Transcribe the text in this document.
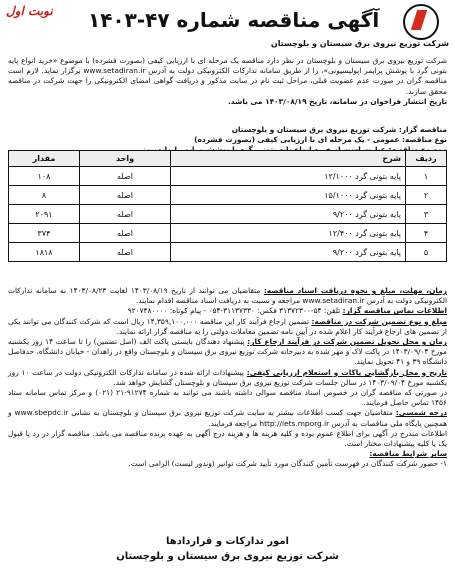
شرکت توزیع نیروی برق سیستان و بلوچستان
آگهی مناقصه شماره ۴۷-۱۴۰۳
نوبت اول
شرکت توزیع نیروی برق سیستان و بلوچستان در نظر دارد مناقصه یک مرحله ای با ارزیابی کیفی (بصورت فشرده) با موضوع «خرید انواع پایه بتونی گرد با پوشش پرایمر اپولیسیونی»، را از طریق سامانه تدارکات الکترونیکی دولت به آدرس www.setadiran.ir برگزار نماید. لازم است مناقصه گران در صورت عدم عضویت قبلی، مراحل ثبت نام در سایت مذکور و دریافت گواهی امضای الکترونیکی را جهت شرکت در مناقصه محقق سازند.
تاریخ انتشار فراخوان در سامانه، تاریخ ۱۴۰۳/۰۸/۱۹ می باشد.
مناقصه گزار: شرکت توزیع نیروی برق سیستان و بلوچستان
نوع مناقصه: عمومی - یک مرحله ای با ارزیابی کیفی (بصورت فشرده)
ردیف	شرح	واحد	مقدار
۱	پایه بتونی گرد ۱۲/۱۰۰۰	اصله	۱۰۸
۲	پایه بتونی گرد ۱۵/۱۰۰۰	اصله	۸
۳	پایه بتونی گرد ۹/۲۰۰	اصله	۲۰۹۱
۴	پایه بتونی گرد ۱۲/۴۰۰	اصله	۳۷۴
۵	پایه بتونی گرد ۹/۲۰۰	اصله	۱۸۱۸
زمان، مهلت، مبلغ و نحوه دریافت اسناد مناقصه: متقاضیان می توانند از تاریخ ۱۴۰۳/۰۸/۱۹ لغایت ۱۴۰۳/۰۸/۲۳ به سامانه تدارکات الکترونیکی دولت به آدرس www.setadiran.ir مراجعه و نسبت به دریافت اسناد مناقصه اقدام نمایند.
اطلاعات تماس مناقصه گزار: تلفن: ۵۴-۳۱۳۷۲۳۰۰ فکس: ۳۱۱۳۷۳۳۰-۰۵۴ - پیام کوتاه: ۹۲۰۷۳۸۰۰۰۰
مبلغ و نوع تضمین شرکت در مناقصه: تضمین ارجاع فرآیند کار این مناقصه ۱۴,۳۵۹,۱۰۰,۰۰۰ ریال است که شرکت کنندگان می توانند یکی از تضمین های ارجاع فرآیند کار اعلام شده در آیین نامه تضمین معاملات دولتی را به مناقصه گزار ارائه نمایند.
زمان و محل تحویل تضمین شرکت در فرآیند ارجاع کار: پیشنهاد دهندگان بایستی پاکت الف (اصل تضمین) را تا ساعت ۱۴ روز یکشنبه مورخ ۱۴۰۳/۰۹/۰۴ در پاکت لاک و مهر شده به دبیرخانه شرکت توزیع نیروی برق سیستان و بلوچستان واقع در زاهدان - خیابان دانشگاه، حدفاصل دانشگاه ۳۹ و ۴۱ تحویل نمایند.
تاریخ و محل بازگشایی پاکات و استعلام ارزیابی کیفی: پیشنهادات ارائه شده در سامانه تدارکات الکترونیکی دولت در ساعت ۱۰ روز یکشنبه مورخ ۱۴۰۳/۰۹/۰۴ در سالن جلسات شرکت توزیع نیروی برق سیستان و بلوچستان گشایش خواهد شد.
در صورتی که مناقصه گران در خصوص اسناد مناقصه سوالی داشته باشند می توانند به شماره ۹۱۲۷۴-۲۱ (۰۲۱) و مرکز تماس سامانه ستاد ۱۴۵۶ تماس حاصل فرمایند.
درجه شمسی: متقاضیان جهت کسب اطلاعات بیشتر به سایت شرکت توزیع نیروی برق سیستان و بلوچستان به نشانی www.sbepdc.ir و همچنین پایگاه ملی مناقصات به آدرس http://iets.mporg.ir مراجعه فرمایند.
اطلاعات مندرج در آگهی برای اطلاع عموم بوده و کلیه هزینه ها و هزینه درج آگهی به عهده برنده مناقصه می باشد. مناقصه گزار در رد یا قبول یک یا کلیه پیشنهادات مختار است.
سایر شرایط مناقصه:
۱- حضور شرکت کنندگان در فهرست تأمین کنندگان مورد تأیید شرکت توانیر (وندور لیست) الزامی است.
امور تدارکات و قراردادها
شرکت توزیع نیروی برق سیستان و بلوچستان
